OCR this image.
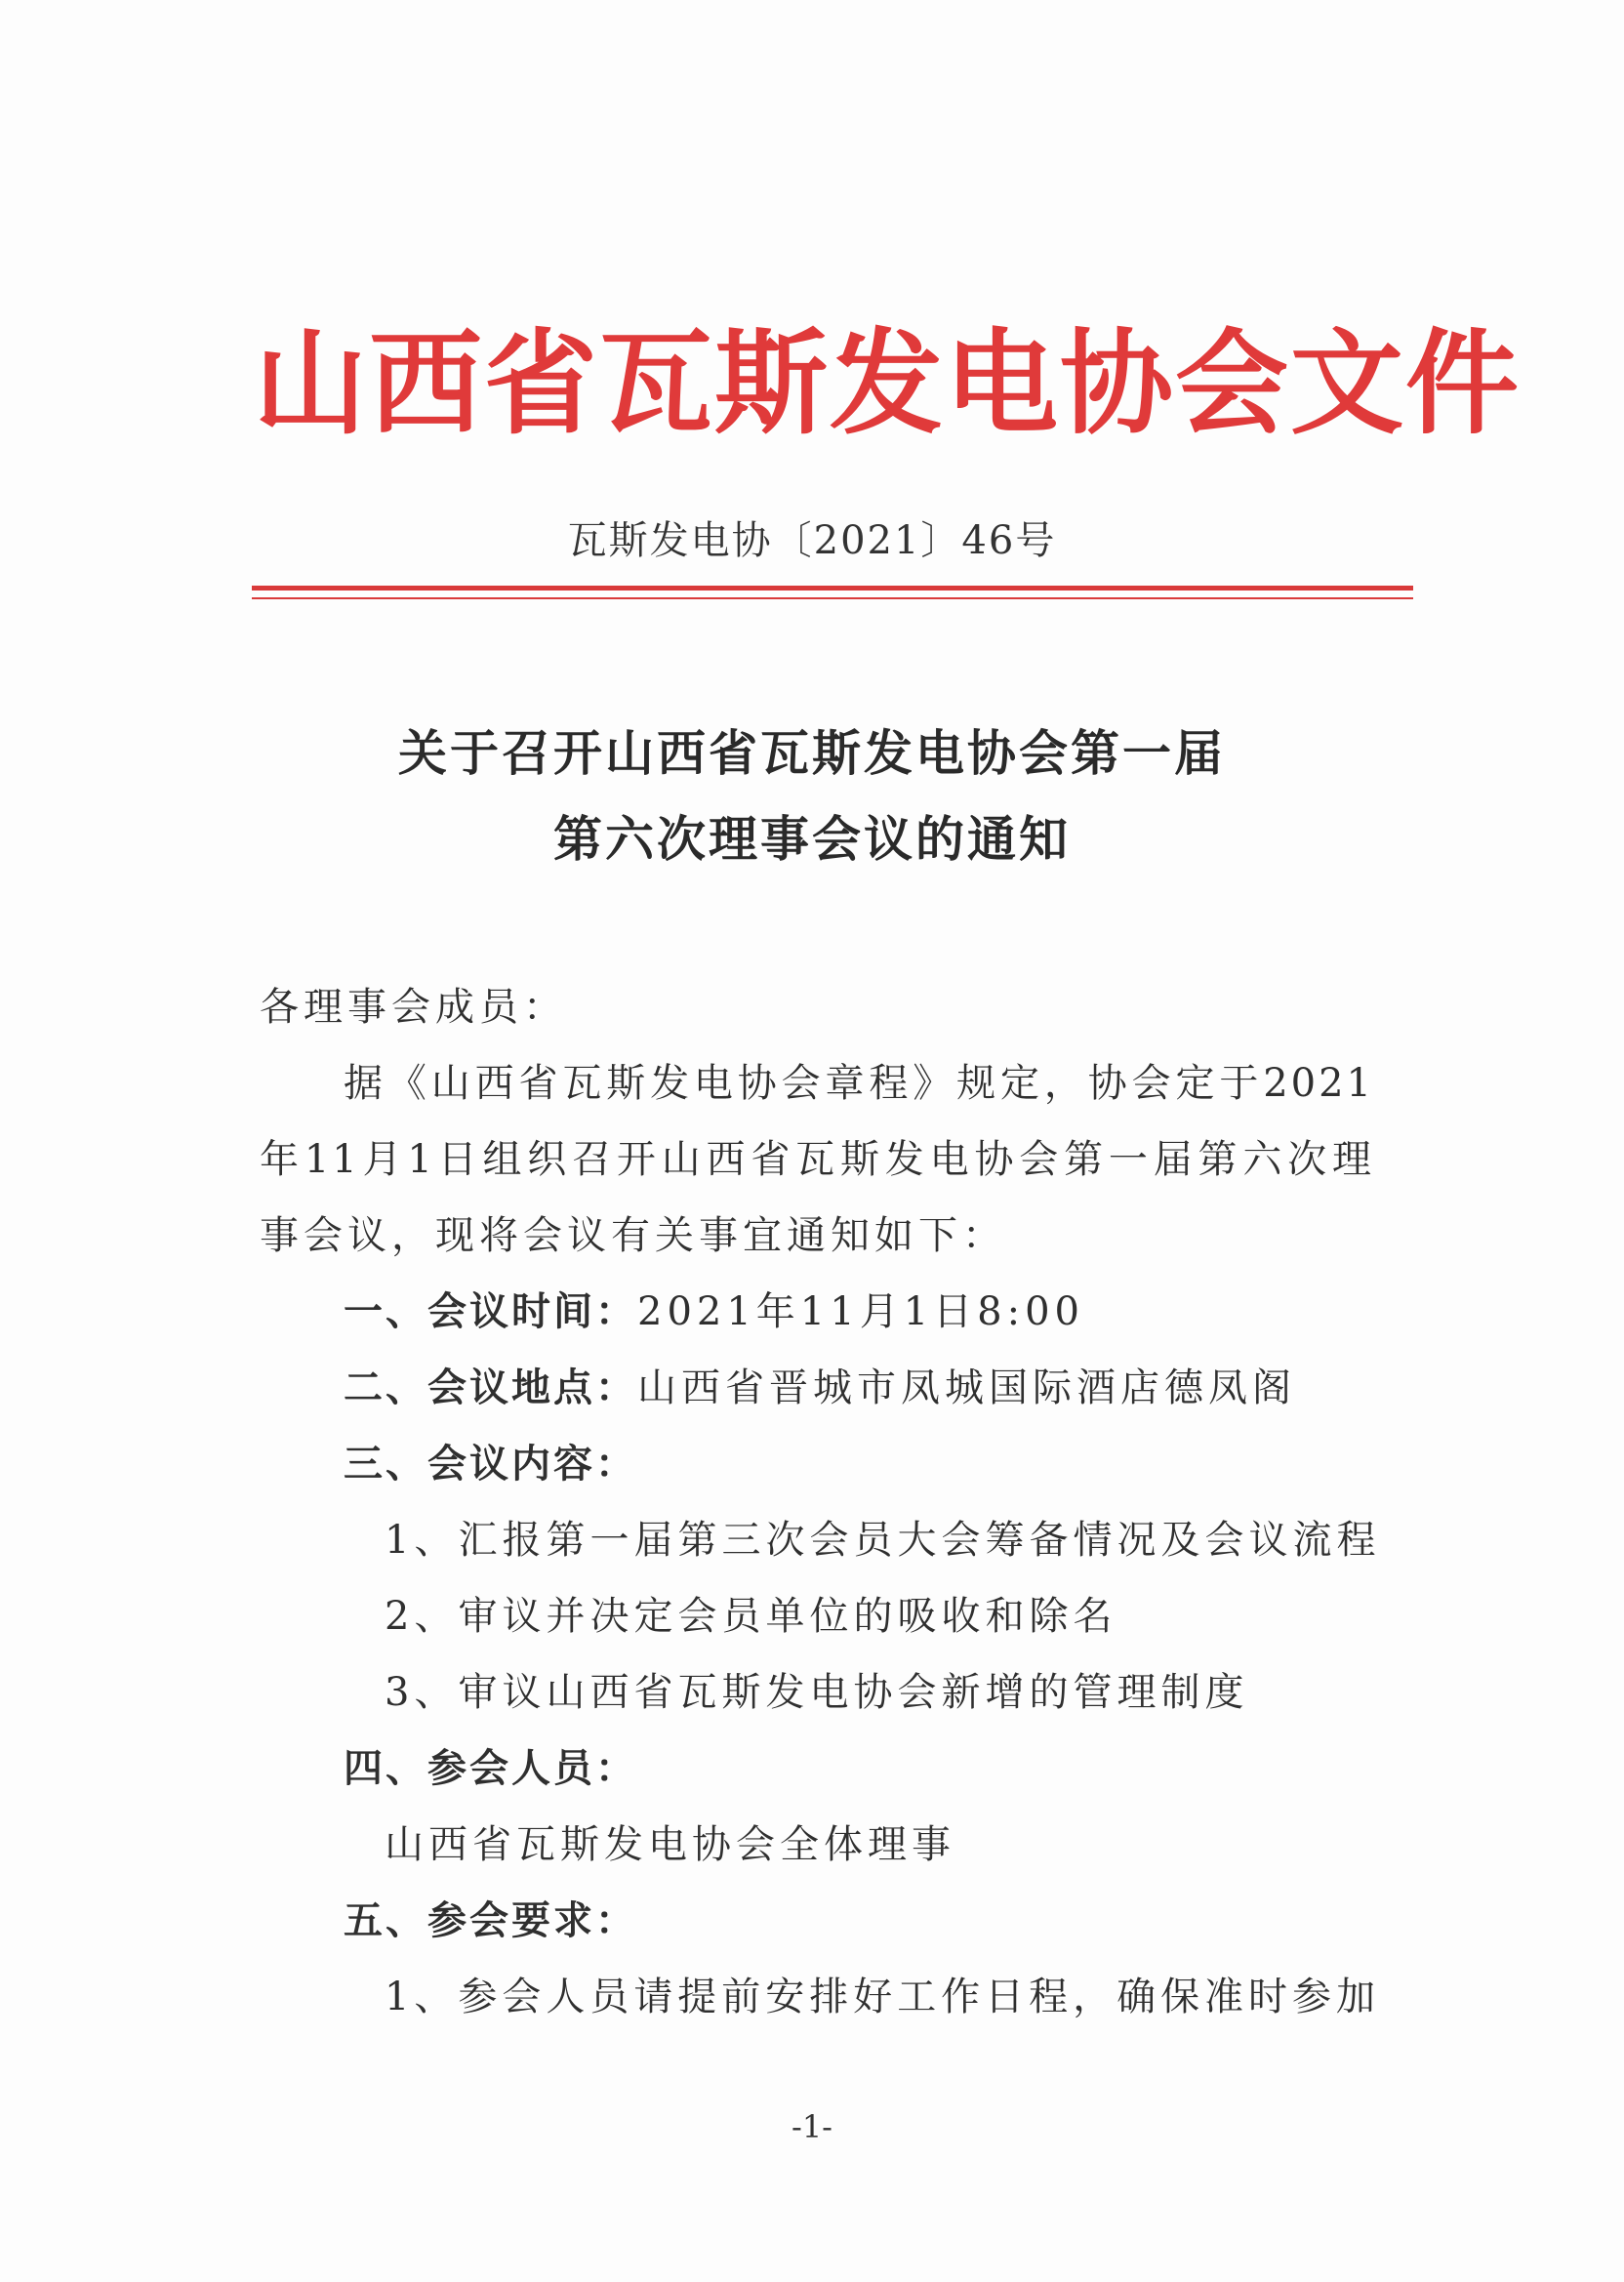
山西省瓦斯发电协会文件
瓦斯发电协〔2021〕46号
关于召开山西省瓦斯发电协会第一届
第六次理事会议的通知
各理事会成员：
据《山西省瓦斯发电协会章程》规定，协会定于2021
年11月1日组织召开山西省瓦斯发电协会第一届第六次理
事会议，现将会议有关事宜通知如下：
一、会议时间：2021年11月1日8:00
二、会议地点：山西省晋城市凤城国际酒店德凤阁
三、会议内容：
1、汇报第一届第三次会员大会筹备情况及会议流程
2、审议并决定会员单位的吸收和除名
3、审议山西省瓦斯发电协会新增的管理制度
四、参会人员：
山西省瓦斯发电协会全体理事
五、参会要求：
1、参会人员请提前安排好工作日程，确保准时参加
-1-
